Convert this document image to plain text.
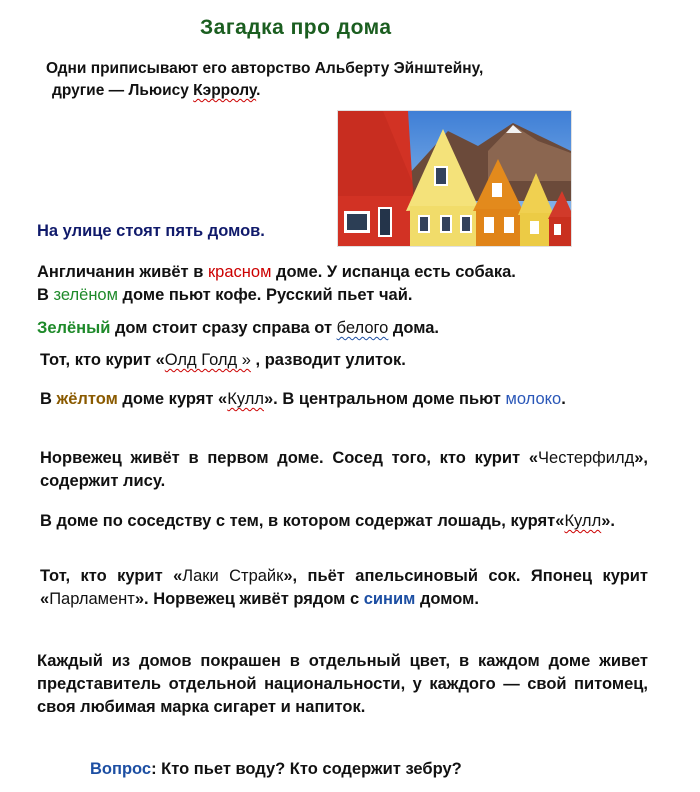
Загадка про дома
Одни приписывают его авторство Альберту Эйнштейну,
другие — Льюису Кэрролу.
На улице стоят пять домов.
Англичанин живёт в красном доме. У испанца есть собака.
В зелёном доме пьют кофе. Русский пьет чай.
Зелёный дом стоит сразу справа от белого дома.
Тот, кто курит «Олд Голд » , разводит улиток.
В жёлтом доме курят «Кулл». В центральном доме пьют молоко.
Норвежец живёт в первом доме. Сосед того, кто курит «Честерфилд», содержит лису.
В доме по соседству с тем, в котором содержат лошадь, курят«Кулл».
Тот, кто курит «Лаки Страйк», пьёт апельсиновый сок. Японец курит «Парламент». Норвежец живёт рядом с синим домом.
Каждый из домов покрашен в отдельный цвет, в каждом доме живет представитель отдельной национальности, у каждого — свой питомец, своя любимая марка сигарет и напиток.
Вопрос: Кто пьет воду? Кто содержит зебру?
